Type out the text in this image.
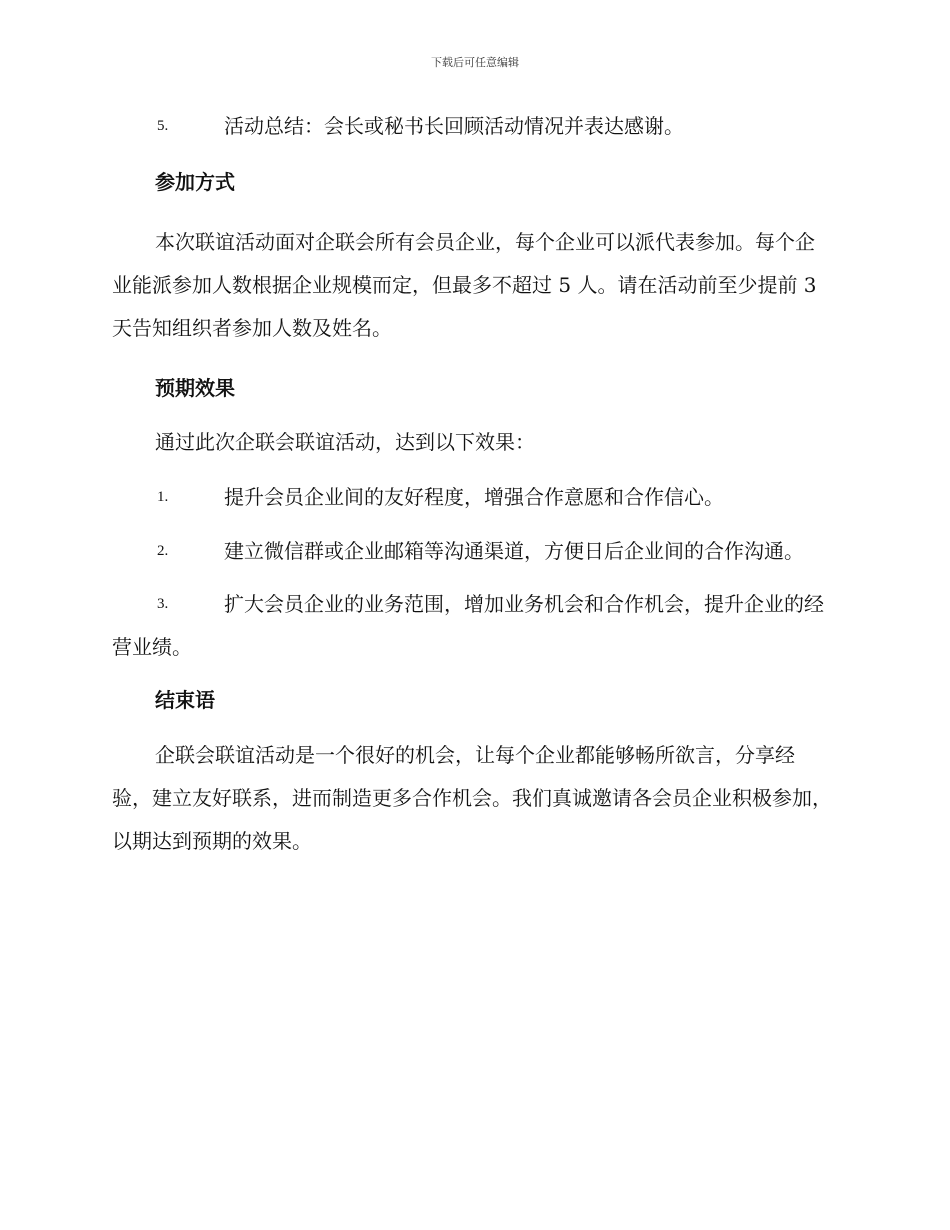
下载后可任意编辑

5.	活动总结：会长或秘书长回顾活动情况并表达感谢。

参加方式

本次联谊活动面对企联会所有会员企业，每个企业可以派代表参加。每个企业能派参加人数根据企业规模而定，但最多不超过 5 人。请在活动前至少提前 3 天告知组织者参加人数及姓名。

预期效果

通过此次企联会联谊活动，达到以下效果：

1.	提升会员企业间的友好程度，增强合作意愿和合作信心。

2.	建立微信群或企业邮箱等沟通渠道，方便日后企业间的合作沟通。

3.	扩大会员企业的业务范围，增加业务机会和合作机会，提升企业的经营业绩。

结束语

企联会联谊活动是一个很好的机会，让每个企业都能够畅所欲言，分享经验，建立友好联系，进而制造更多合作机会。我们真诚邀请各会员企业积极参加，以期达到预期的效果。
